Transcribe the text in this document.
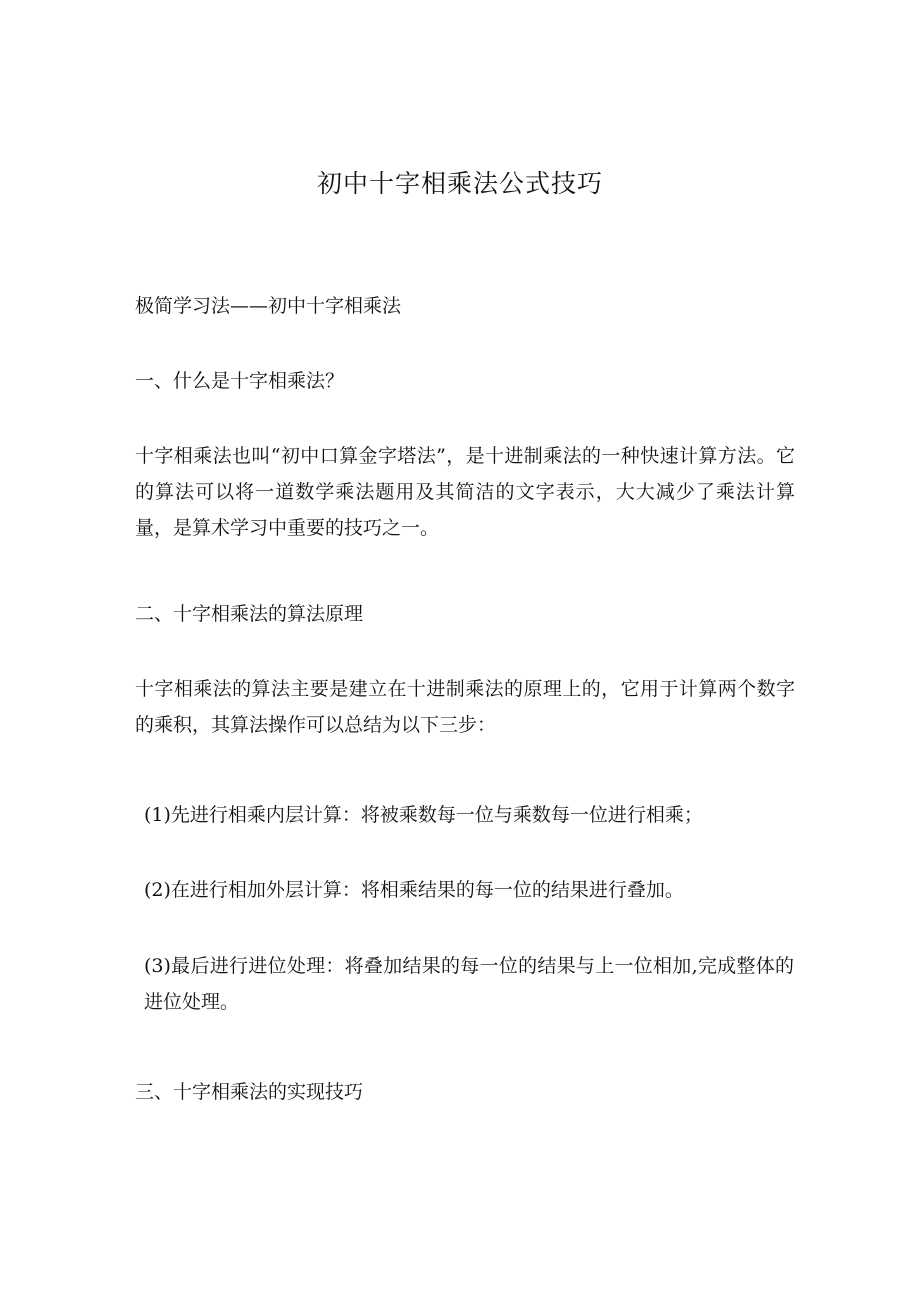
初中十字相乘法公式技巧
极简学习法——初中十字相乘法
一、什么是十字相乘法？
十字相乘法也叫“初中口算金字塔法”，是十进制乘法的一种快速计算方法。它的算法可以将一道数学乘法题用及其简洁的文字表示，大大减少了乘法计算量，是算术学习中重要的技巧之一。
二、十字相乘法的算法原理
十字相乘法的算法主要是建立在十进制乘法的原理上的，它用于计算两个数字的乘积，其算法操作可以总结为以下三步：
(1)先进行相乘内层计算：将被乘数每一位与乘数每一位进行相乘；
(2)在进行相加外层计算：将相乘结果的每一位的结果进行叠加。
(3)最后进行进位处理：将叠加结果的每一位的结果与上一位相加,完成整体的进位处理。
三、十字相乘法的实现技巧
